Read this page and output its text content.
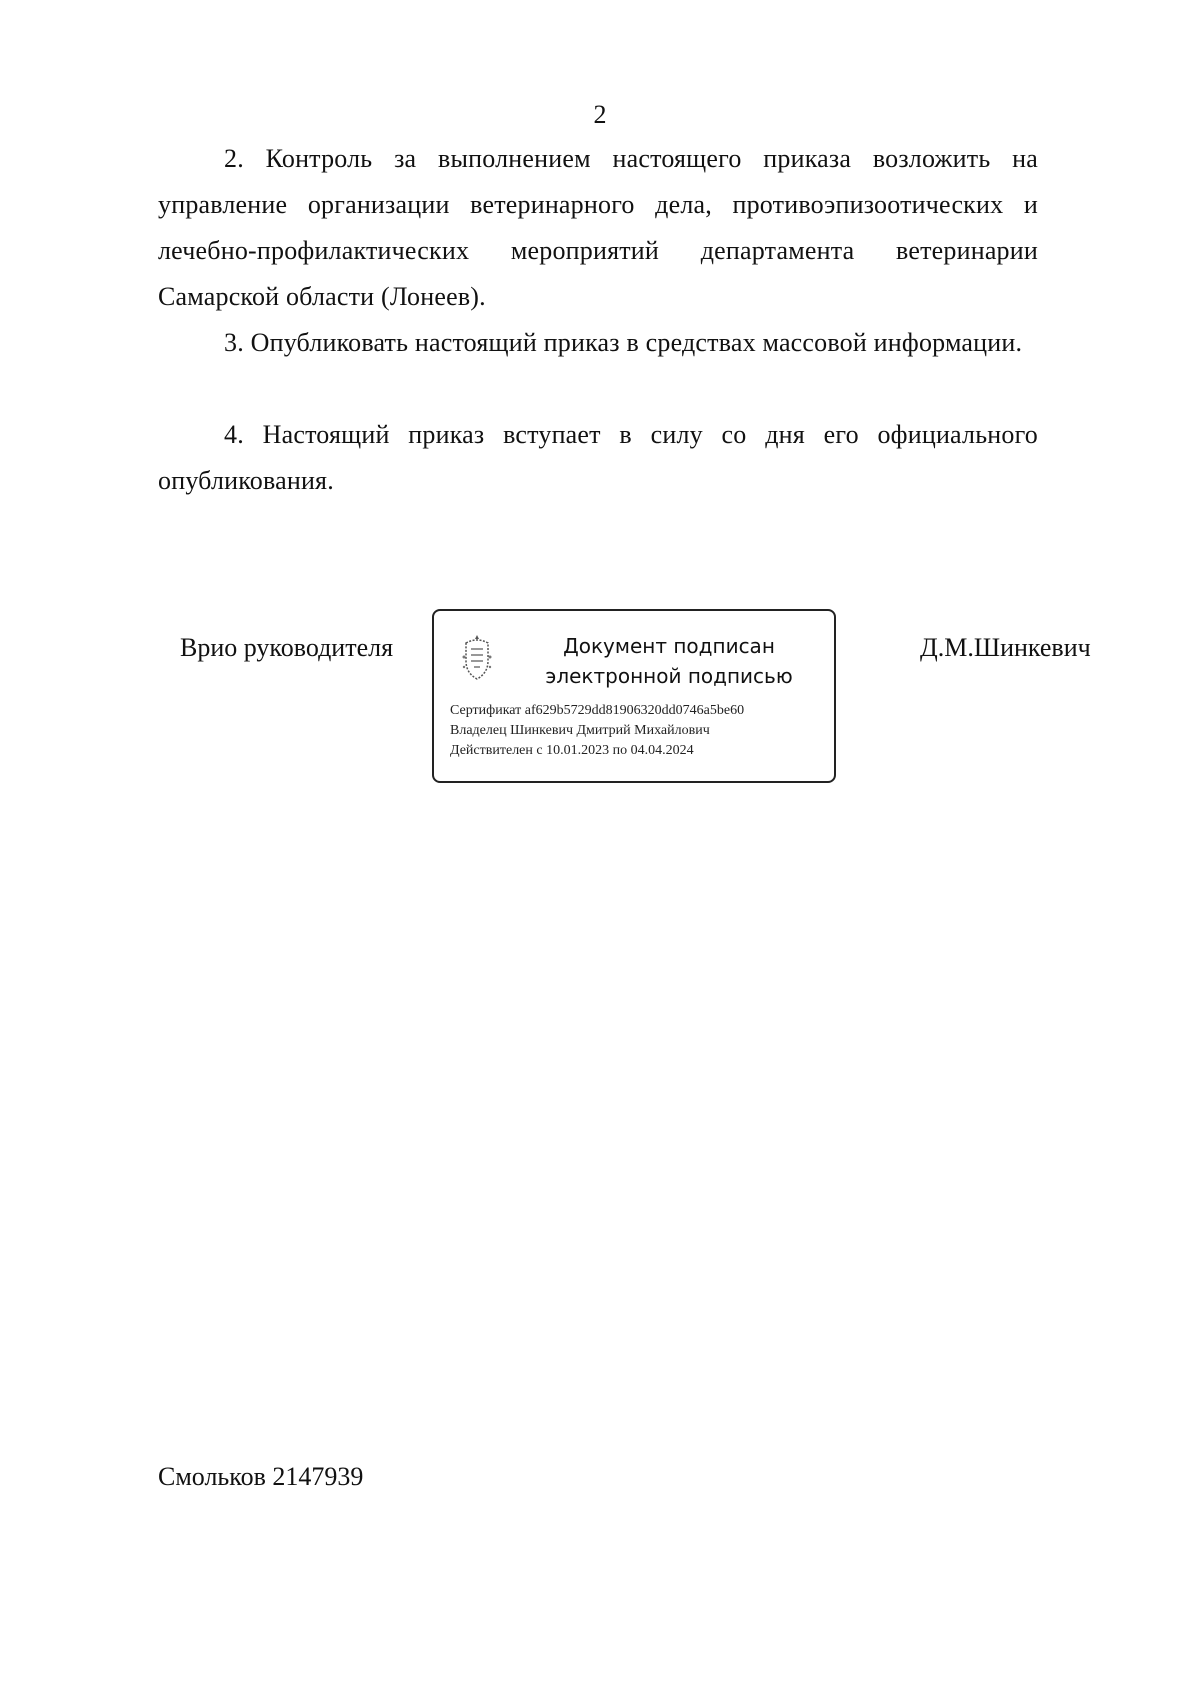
2
2. Контроль за выполнением настоящего приказа возложить на управление организации ветеринарного дела, противоэпизоотических и лечебно-профилактических мероприятий департамента ветеринарии Самарской области (Лонеев).
3. Опубликовать настоящий приказ в средствах массовой информации.
4. Настоящий приказ вступает в силу со дня его официального опубликования.
Врио руководителя	Документ подписан
электронной подписью
Сертификат af629b5729dd81906320dd0746a5be60
Владелец Шинкевич Дмитрий Михайлович
Действителен с 10.01.2023 по 04.04.2024
Д.М.Шинкевич
Смольков 2147939
